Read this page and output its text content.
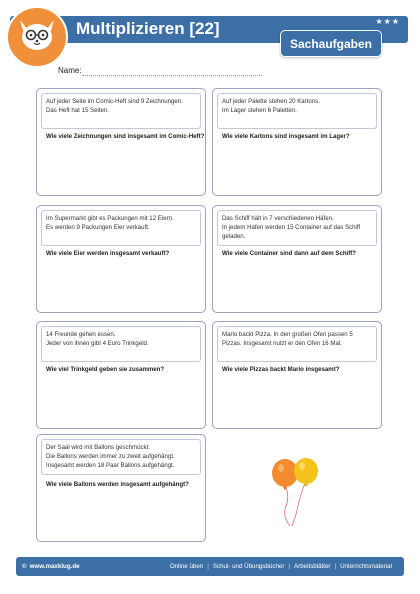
Multiplizieren [22]	★★★
Sachaufgaben
Name:
Auf jeder Seite im Comic-Heft sind 9 Zeichnungen.
Das Heft hat 15 Seiten.
Wie viele Zeichnungen sind insgesamt im Comic-Heft?
Auf jeder Palette stehen 20 Kartons.
Im Lager stehen 6 Paletten.
Wie viele Kartons sind insgesamt im Lager?
Im Supermarkt gibt es Packungen mit 12 Eiern.
Es werden 9 Packungen Eier verkauft.
Wie viele Eier werden insgesamt verkauft?
Das Schiff hält in 7 verschiedenen Häfen.
In jedem Hafen werden 15 Container auf das Schiff
geladen.
Wie viele Container sind dann auf dem Schiff?
14 Freunde gehen essen.
Jeder von ihnen gibt 4 Euro Trinkgeld.
Wie viel Trinkgeld geben sie zusammen?
Mario backt Pizza. In den großen Ofen passen 5
Pizzas. Insgesamt nutzt er den Ofen 16 Mal.
Wie viele Pizzas backt Mario insgesamt?
Der Saal wird mit Ballons geschmückt.
Die Ballons werden immer zu zweit aufgehängt.
Insgesamt werden 18 Paar Ballons aufgehängt.
Wie viele Ballons werden insgesamt aufgehängt?
© www.maxklug.de	Online üben | Schul- und Übungsbücher | Arbeitsblätter | Unterrichtsmaterial
